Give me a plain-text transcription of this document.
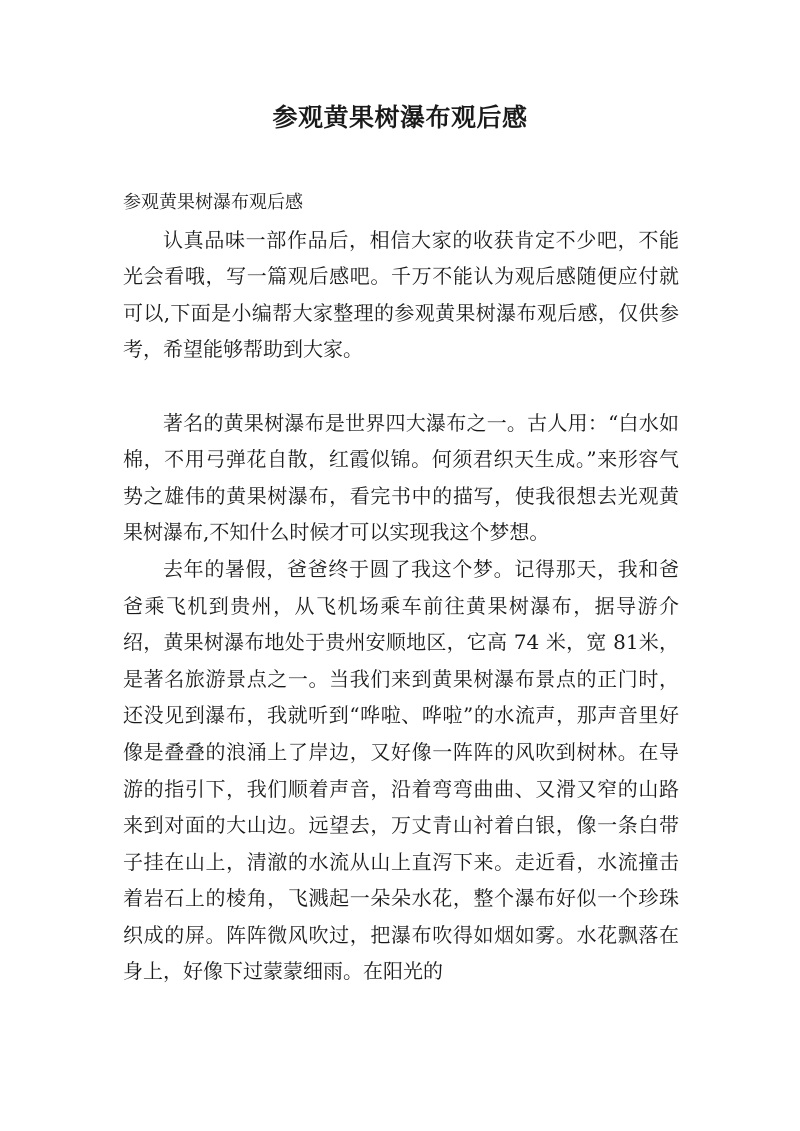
参观黄果树瀑布观后感

参观黄果树瀑布观后感

认真品味一部作品后，相信大家的收获肯定不少吧，不能光会看哦，写一篇观后感吧。千万不能认为观后感随便应付就可以,下面是小编帮大家整理的参观黄果树瀑布观后感，仅供参考，希望能够帮助到大家。

著名的黄果树瀑布是世界四大瀑布之一。古人用：“白水如棉，不用弓弹花自散，红霞似锦。何须君织天生成。”来形容气势之雄伟的黄果树瀑布，看完书中的描写，使我很想去光观黄果树瀑布,不知什么时候才可以实现我这个梦想。

去年的暑假，爸爸终于圆了我这个梦。记得那天，我和爸爸乘飞机到贵州，从飞机场乘车前往黄果树瀑布，据导游介绍，黄果树瀑布地处于贵州安顺地区，它高 74 米，宽 81米，是著名旅游景点之一。当我们来到黄果树瀑布景点的正门时，还没见到瀑布，我就听到“哗啦、哗啦”的水流声，那声音里好像是叠叠的浪涌上了岸边，又好像一阵阵的风吹到树林。在导游的指引下，我们顺着声音，沿着弯弯曲曲、又滑又窄的山路来到对面的大山边。远望去，万丈青山衬着白银，像一条白带子挂在山上，清澈的水流从山上直泻下来。走近看，水流撞击着岩石上的棱角，飞溅起一朵朵水花，整个瀑布好似一个珍珠织成的屏。阵阵微风吹过，把瀑布吹得如烟如雾。水花飘落在身上，好像下过蒙蒙细雨。在阳光的
